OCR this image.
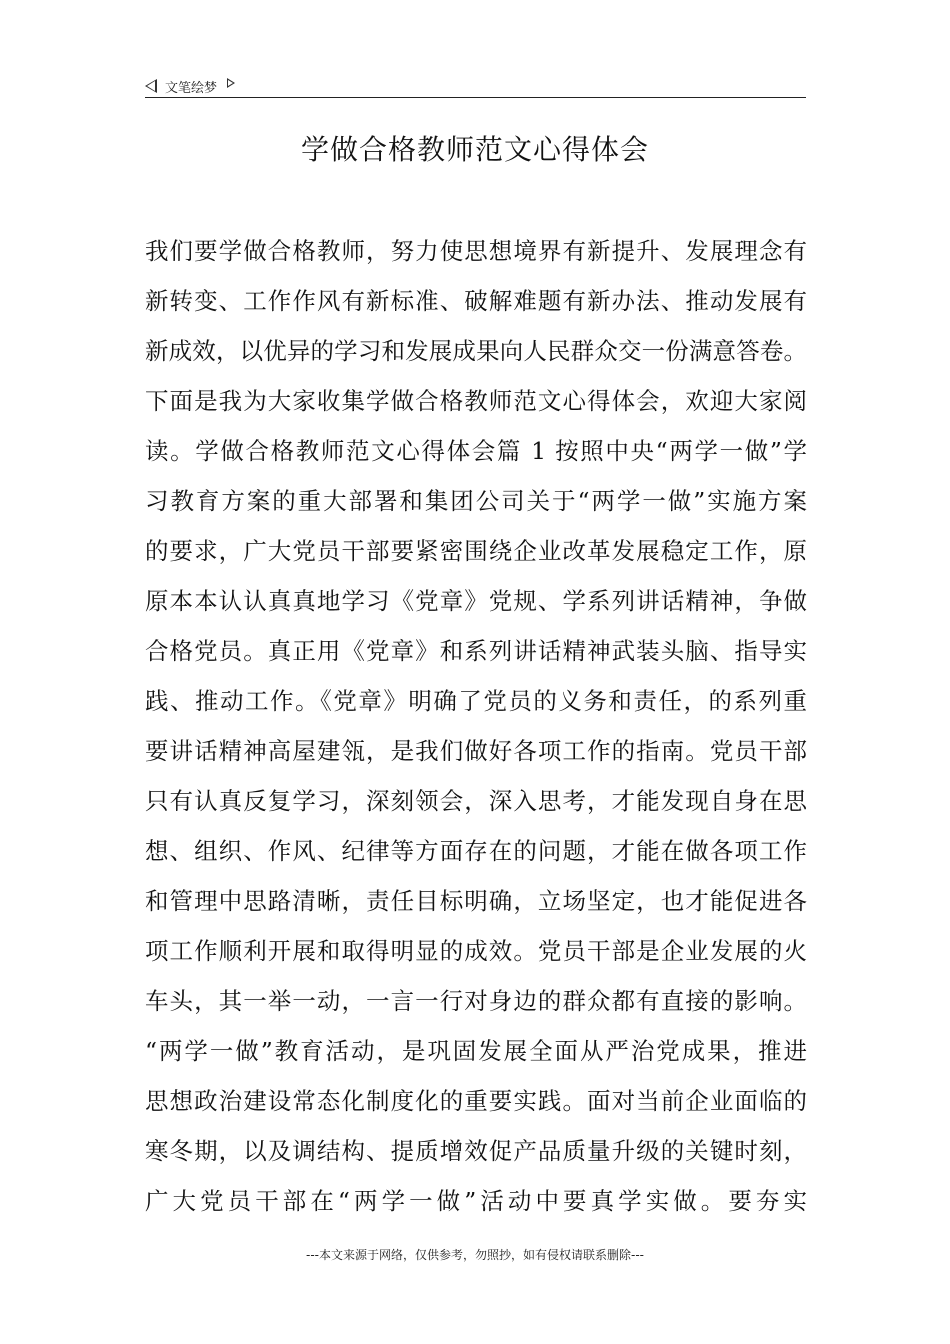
文笔绘梦
学做合格教师范文心得体会
我们要学做合格教师，努力使思想境界有新提升、发展理念有
新转变、工作作风有新标准、破解难题有新办法、推动发展有
新成效，以优异的学习和发展成果向人民群众交一份满意答卷。
下面是我为大家收集学做合格教师范文心得体会，欢迎大家阅
读。学做合格教师范文心得体会篇 1 按照中央“两学一做”学
习教育方案的重大部署和集团公司关于“两学一做”实施方案
的要求，广大党员干部要紧密围绕企业改革发展稳定工作，原
原本本认认真真地学习《党章》党规、学系列讲话精神，争做
合格党员。真正用《党章》和系列讲话精神武装头脑、指导实
践、推动工作。《党章》明确了党员的义务和责任，的系列重
要讲话精神高屋建瓴，是我们做好各项工作的指南。党员干部
只有认真反复学习，深刻领会，深入思考，才能发现自身在思
想、组织、作风、纪律等方面存在的问题，才能在做各项工作
和管理中思路清晰，责任目标明确，立场坚定，也才能促进各
项工作顺利开展和取得明显的成效。党员干部是企业发展的火
车头，其一举一动，一言一行对身边的群众都有直接的影响。
“两学一做”教育活动，是巩固发展全面从严治党成果，推进
思想政治建设常态化制度化的重要实践。面对当前企业面临的
寒冬期，以及调结构、提质增效促产品质量升级的关键时刻，
广大党员干部在“两学一做”活动中要真学实做。要夯实
---本文来源于网络，仅供参考，勿照抄，如有侵权请联系删除---
